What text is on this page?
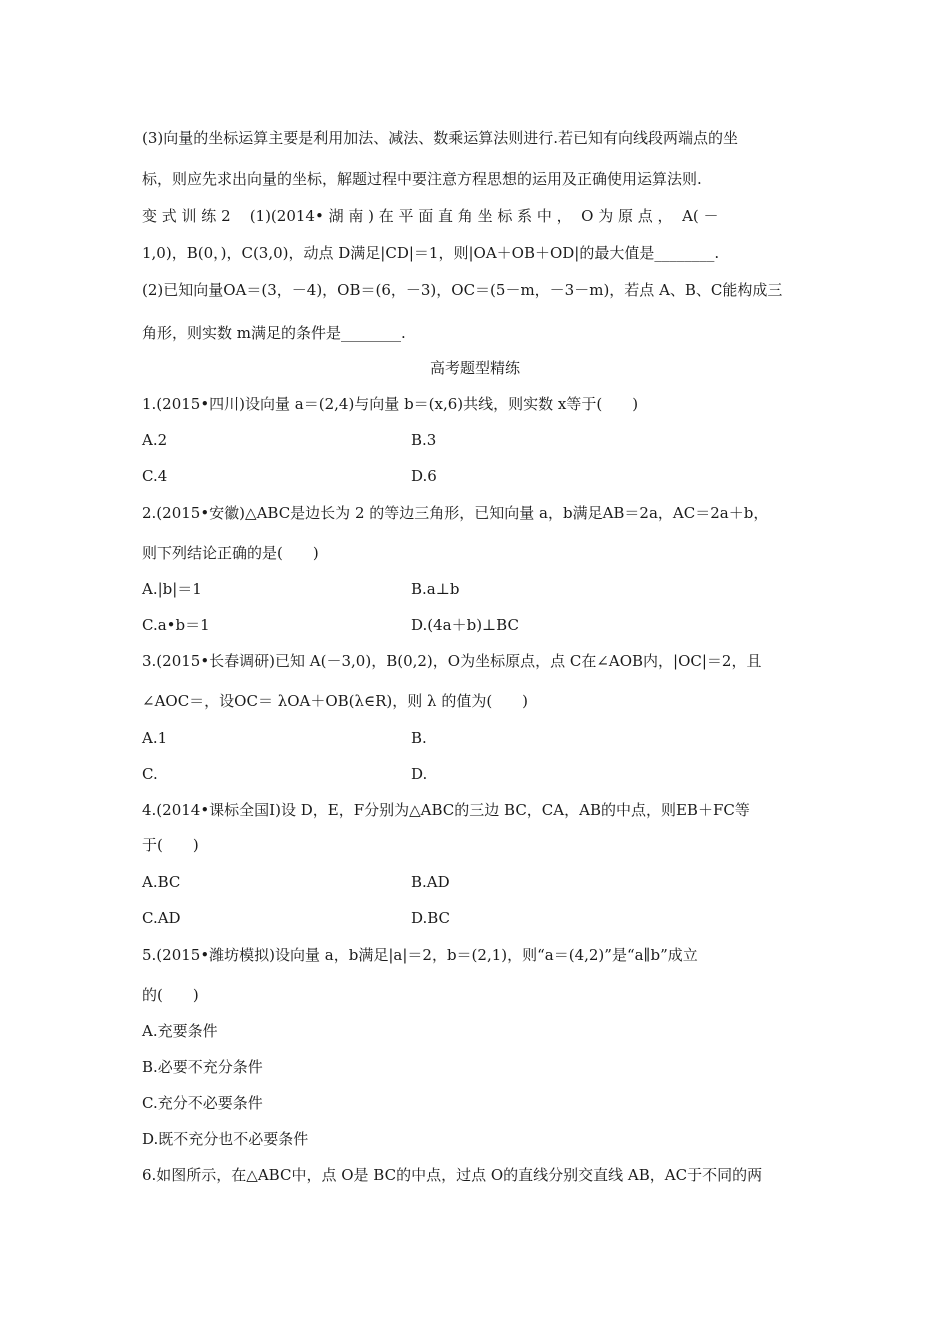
(3)向量的坐标运算主要是利用加法、减法、数乘运算法则进行.若已知有向线段两端点的坐
标，则应先求出向量的坐标，解题过程中要注意方程思想的运用及正确使用运算法则.
变 式 训 练 2    (1)(2014• 湖 南 ) 在 平 面 直 角 坐 标 系 中 ，  O 为 原 点 ，  A( －
1,0)，B(0，)，C(3,0)，动点 D满足|CD|＝1，则|OA＋OB＋OD|的最大值是________.
(2)已知向量OA＝(3，－4)，OB＝(6，－3)，OC＝(5－m，－3－m)，若点 A、B、C能构成三
角形，则实数 m满足的条件是________.
高考题型精练
1.(2015•四川)设向量 a＝(2,4)与向量 b＝(x,6)共线，则实数 x等于(　　)
A.2	B.3
C.4	D.6
2.(2015•安徽)△ABC是边长为 2 的等边三角形，已知向量 a，b满足AB＝2a，AC＝2a＋b，
则下列结论正确的是(　　)
A.|b|＝1	B.a⊥b
C.a•b＝1	D.(4a＋b)⊥BC
3.(2015•长春调研)已知 A(－3,0)，B(0,2)，O为坐标原点，点 C在∠AOB内，|OC|＝2，且
∠AOC＝，设OC＝ λOA＋OB(λ∈R)，则 λ 的值为(　　)
A.1	B.
C.	D.
4.(2014•课标全国Ⅰ)设 D，E，F分别为△ABC的三边 BC，CA，AB的中点，则EB＋FC等
于(　　)
A.BC	B.AD
C.AD	D.BC
5.(2015•潍坊模拟)设向量 a，b满足|a|＝2，b＝(2,1)，则“a＝(4,2)”是“a∥b”成立
的(　　)
A.充要条件
B.必要不充分条件
C.充分不必要条件
D.既不充分也不必要条件
6.如图所示，在△ABC中，点 O是 BC的中点，过点 O的直线分别交直线 AB，AC于不同的两
